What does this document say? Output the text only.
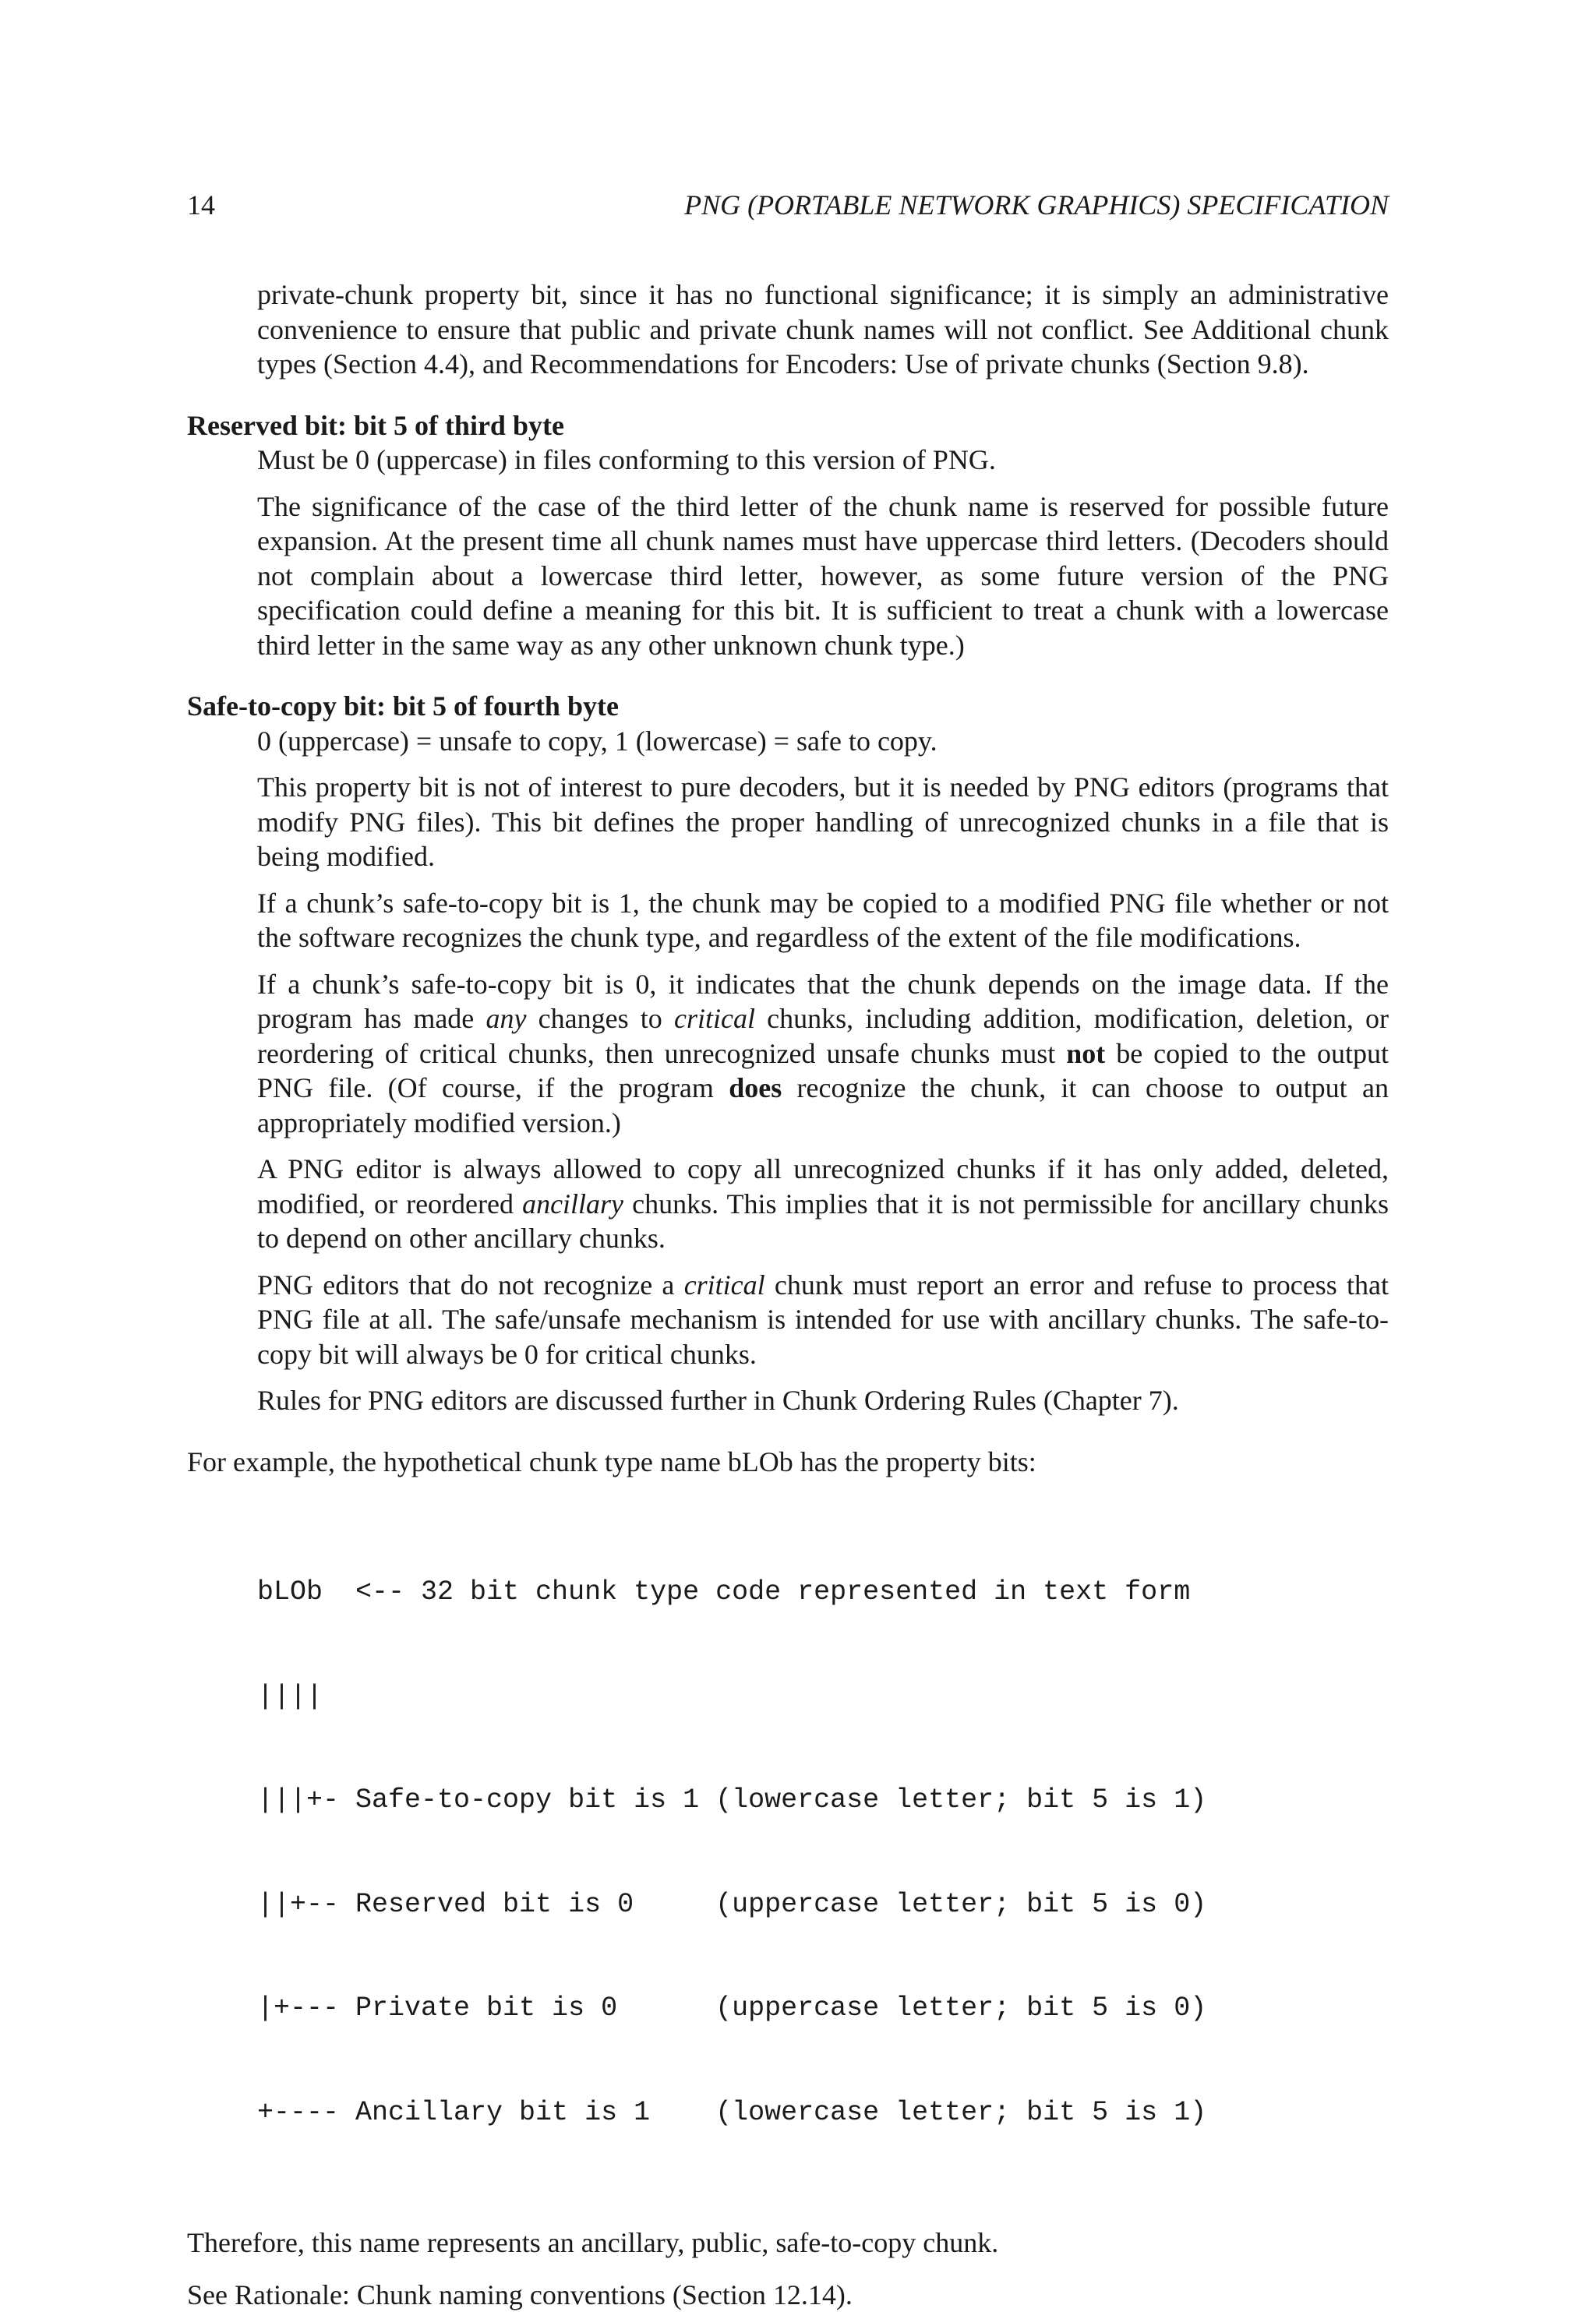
14	PNG (PORTABLE NETWORK GRAPHICS) SPECIFICATION

private-chunk property bit, since it has no functional significance; it is simply an administrative convenience to ensure that public and private chunk names will not conflict. See Additional chunk types (Section 4.4), and Recommendations for Encoders: Use of private chunks (Section 9.8).

Reserved bit: bit 5 of third byte

Must be 0 (uppercase) in files conforming to this version of PNG.

The significance of the case of the third letter of the chunk name is reserved for possible future expansion. At the present time all chunk names must have uppercase third letters. (Decoders should not complain about a lowercase third letter, however, as some future version of the PNG specification could define a meaning for this bit. It is sufficient to treat a chunk with a lowercase third letter in the same way as any other unknown chunk type.)

Safe-to-copy bit: bit 5 of fourth byte

0 (uppercase) = unsafe to copy, 1 (lowercase) = safe to copy.

This property bit is not of interest to pure decoders, but it is needed by PNG editors (programs that modify PNG files). This bit defines the proper handling of unrecognized chunks in a file that is being modified.

If a chunk’s safe-to-copy bit is 1, the chunk may be copied to a modified PNG file whether or not the software recognizes the chunk type, and regardless of the extent of the file modifications.

If a chunk’s safe-to-copy bit is 0, it indicates that the chunk depends on the image data. If the program has made any changes to critical chunks, including addition, modification, deletion, or reordering of critical chunks, then unrecognized unsafe chunks must not be copied to the output PNG file. (Of course, if the program does recognize the chunk, it can choose to output an appropriately modified version.)

A PNG editor is always allowed to copy all unrecognized chunks if it has only added, deleted, modified, or reordered ancillary chunks. This implies that it is not permissible for ancillary chunks to depend on other ancillary chunks.

PNG editors that do not recognize a critical chunk must report an error and refuse to process that PNG file at all. The safe/unsafe mechanism is intended for use with ancillary chunks. The safe-to-copy bit will always be 0 for critical chunks.

Rules for PNG editors are discussed further in Chunk Ordering Rules (Chapter 7).

For example, the hypothetical chunk type name bLOb has the property bits:

bLOb  <-- 32 bit chunk type code represented in text form

||||

|||+- Safe-to-copy bit is 1 (lowercase letter; bit 5 is 1)

||+-- Reserved bit is 0     (uppercase letter; bit 5 is 0)

|+--- Private bit is 0      (uppercase letter; bit 5 is 0)

+---- Ancillary bit is 1    (lowercase letter; bit 5 is 1)

Therefore, this name represents an ancillary, public, safe-to-copy chunk.

See Rationale: Chunk naming conventions (Section 12.14).
